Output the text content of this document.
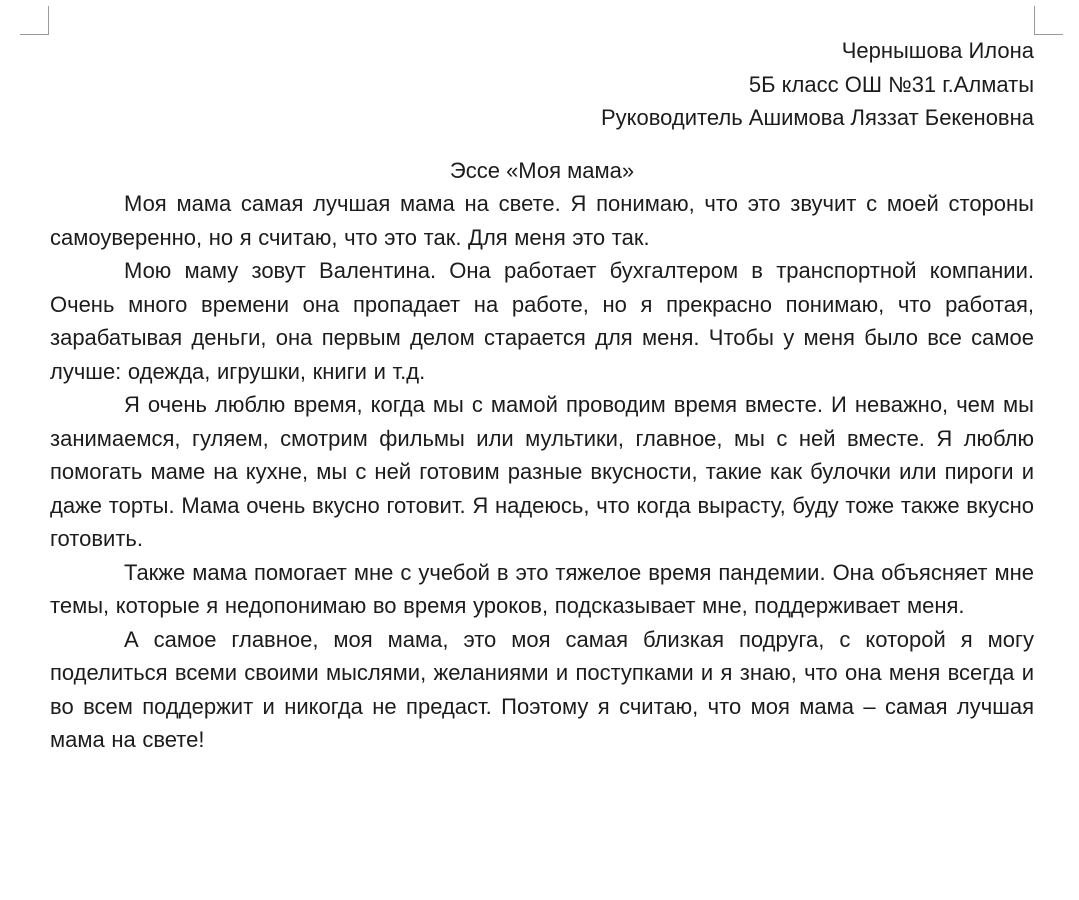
Чернышова Илона
5Б класс ОШ №31 г.Алматы
Руководитель Ашимова Ляззат Бекеновна
Эссе «Моя мама»

Моя мама самая лучшая мама на свете. Я понимаю, что это звучит с моей стороны самоуверенно, но я считаю, что это так. Для меня это так.

Мою маму зовут Валентина. Она работает бухгалтером в транспортной компании. Очень много времени она пропадает на работе, но я прекрасно понимаю, что работая, зарабатывая деньги, она первым делом старается для меня. Чтобы у меня было все самое лучше: одежда, игрушки, книги и т.д.

Я очень люблю время, когда мы с мамой проводим время вместе. И неважно, чем мы занимаемся, гуляем, смотрим фильмы или мультики, главное, мы с ней вместе. Я люблю помогать маме на кухне, мы с ней готовим разные вкусности, такие как булочки или пироги и даже торты. Мама очень вкусно готовит. Я надеюсь, что когда вырасту, буду тоже также вкусно готовить.

Также мама помогает мне с учебой в это тяжелое время пандемии. Она объясняет мне темы, которые я недопонимаю во время уроков, подсказывает мне, поддерживает меня.

А самое главное, моя мама, это моя самая близкая подруга, с которой я могу поделиться всеми своими мыслями, желаниями и поступками и я знаю, что она меня всегда и во всем поддержит и никогда не предаст. Поэтому я считаю, что моя мама – самая лучшая мама на свете!
